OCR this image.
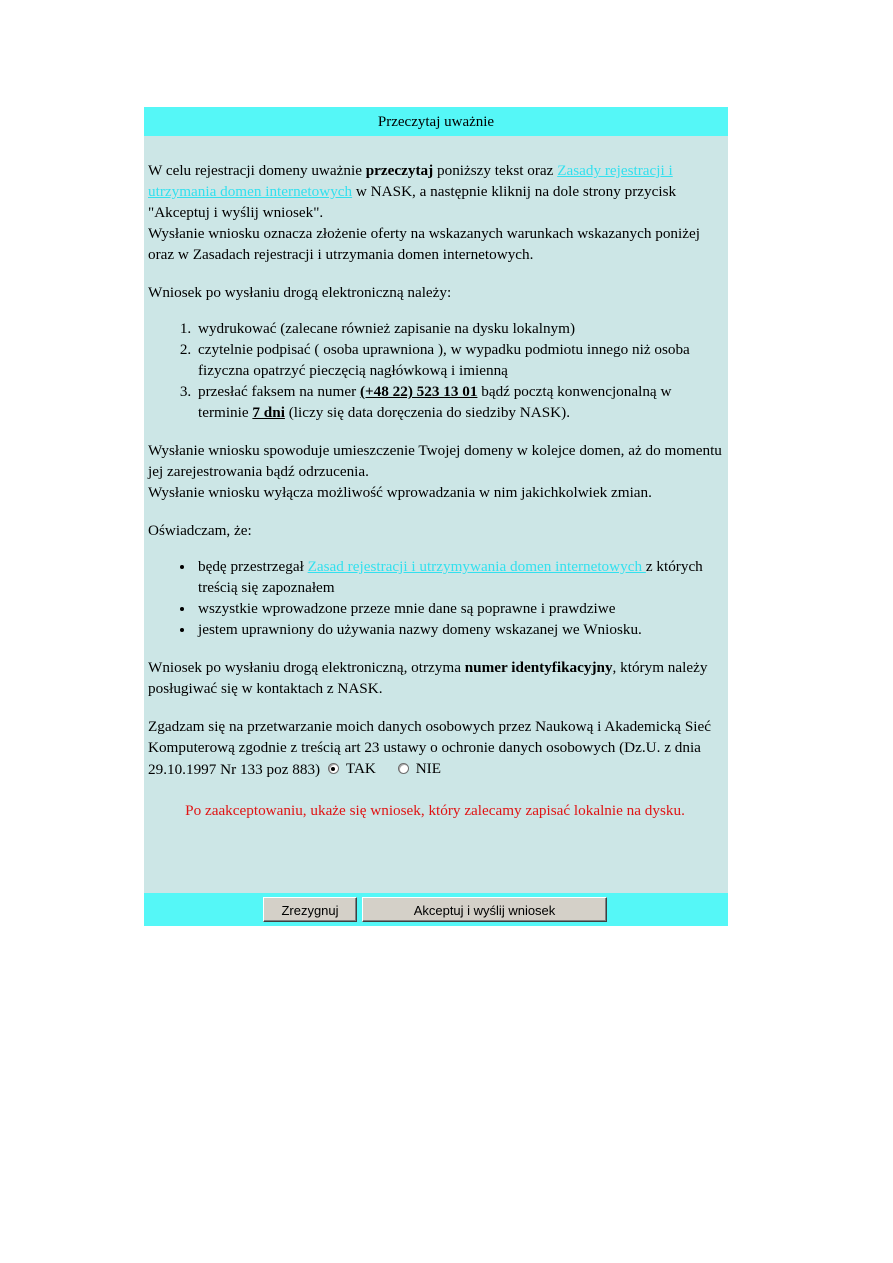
Przeczytaj uważnie

W celu rejestracji domeny uważnie przeczytaj poniższy tekst oraz Zasady rejestracji i utrzymania domen internetowych w NASK, a następnie kliknij na dole strony przycisk "Akceptuj i wyślij wniosek".
Wysłanie wniosku oznacza złożenie oferty na wskazanych warunkach wskazanych poniżej oraz w Zasadach rejestracji i utrzymania domen internetowych.

Wniosek po wysłaniu drogą elektroniczną należy:

1. wydrukować (zalecane również zapisanie na dysku lokalnym)
2. czytelnie podpisać ( osoba uprawniona ), w wypadku podmiotu innego niż osoba fizyczna opatrzyć pieczęcią nagłówkową i imienną
3. przesłać faksem na numer (+48 22) 523 13 01 bądź pocztą konwencjonalną w terminie 7 dni (liczy się data doręczenia do siedziby NASK).

Wysłanie wniosku spowoduje umieszczenie Twojej domeny w kolejce domen, aż do momentu jej zarejestrowania bądź odrzucenia.
Wysłanie wniosku wyłącza możliwość wprowadzania w nim jakichkolwiek zmian.

Oświadczam, że:

• będę przestrzegał Zasad rejestracji i utrzymywania domen internetowych z których treścią się zapoznałem
• wszystkie wprowadzone przeze mnie dane są poprawne i prawdziwe
• jestem uprawniony do używania nazwy domeny wskazanej we Wniosku.

Wniosek po wysłaniu drogą elektroniczną, otrzyma numer identyfikacyjny, którym należy posługiwać się w kontaktach z NASK.

Zgadzam się na przetwarzanie moich danych osobowych przez Naukową i Akademicką Sieć Komputerową zgodnie z treścią art 23 ustawy o ochronie danych osobowych (Dz.U. z dnia 29.10.1997 Nr 133 poz 883) TAK
	NIE

Po zaakceptowaniu, ukaże się wniosek, który zalecamy zapisać lokalnie na dysku.

Zrezygnuj	Akceptuj i wyślij wniosek
